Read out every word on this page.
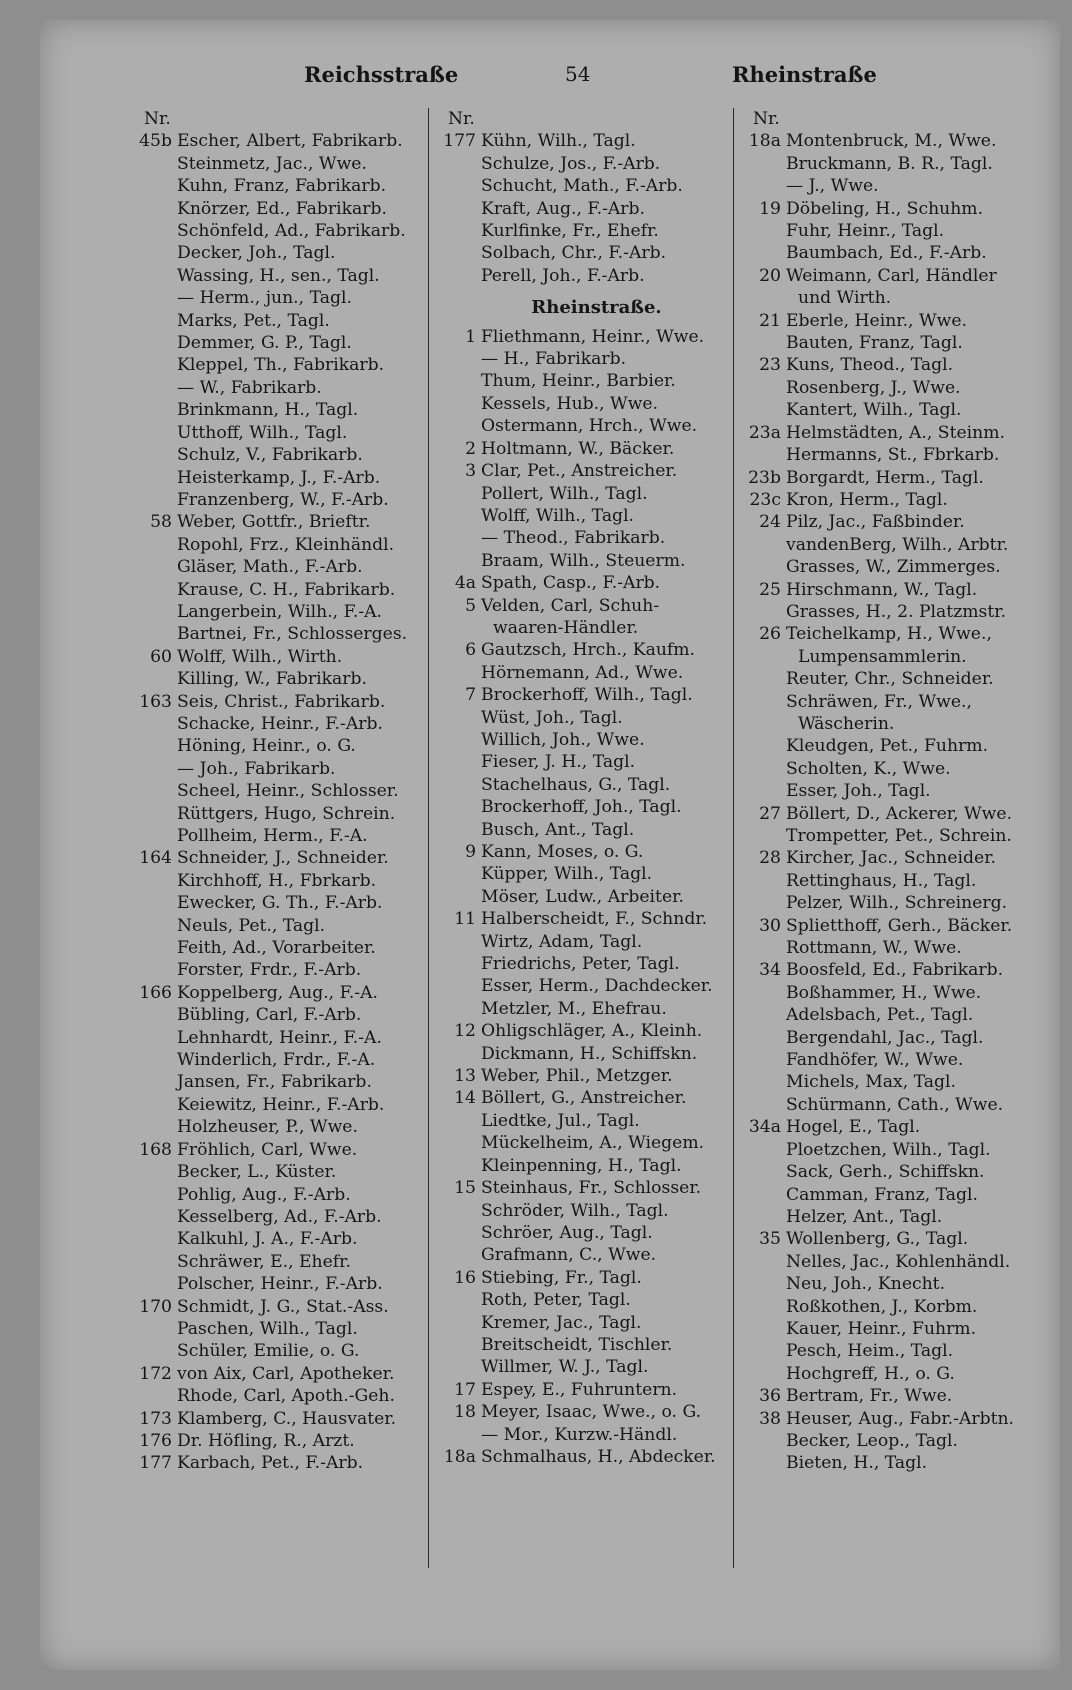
Reichsstraße	54	Rheinstraße
Nr.
45b Escher, Albert, Fabrikarb.
Steinmetz, Jac., Wwe.
Kuhn, Franz, Fabrikarb.
Knörzer, Ed., Fabrikarb.
Schönfeld, Ad., Fabrikarb.
Decker, Joh., Tagl.
Wassing, H., sen., Tagl.
— Herm., jun., Tagl.
Marks, Pet., Tagl.
Demmer, G. P., Tagl.
Kleppel, Th., Fabrikarb.
— W., Fabrikarb.
Brinkmann, H., Tagl.
Utthoff, Wilh., Tagl.
Schulz, V., Fabrikarb.
Heisterkamp, J., F.-Arb.
Franzenberg, W., F.-Arb.
58 Weber, Gottfr., Brieftr.
Ropohl, Frz., Kleinhändl.
Gläser, Math., F.-Arb.
Krause, C. H., Fabrikarb.
Langerbein, Wilh., F.-A.
Bartnei, Fr., Schlosserges.
60 Wolff, Wilh., Wirth.
Killing, W., Fabrikarb.
163 Seis, Christ., Fabrikarb.
Schacke, Heinr., F.-Arb.
Höning, Heinr., o. G.
— Joh., Fabrikarb.
Scheel, Heinr., Schlosser.
Rüttgers, Hugo, Schrein.
Pollheim, Herm., F.-A.
164 Schneider, J., Schneider.
Kirchhoff, H., Fbrkarb.
Ewecker, G. Th., F.-Arb.
Neuls, Pet., Tagl.
Feith, Ad., Vorarbeiter.
Forster, Frdr., F.-Arb.
166 Koppelberg, Aug., F.-A.
Bübling, Carl, F.-Arb.
Lehnhardt, Heinr., F.-A.
Winderlich, Frdr., F.-A.
Jansen, Fr., Fabrikarb.
Keiewitz, Heinr., F.-Arb.
Holzheuser, P., Wwe.
168 Fröhlich, Carl, Wwe.
Becker, L., Küster.
Pohlig, Aug., F.-Arb.
Kesselberg, Ad., F.-Arb.
Kalkuhl, J. A., F.-Arb.
Schräwer, E., Ehefr.
Polscher, Heinr., F.-Arb.
170 Schmidt, J. G., Stat.-Ass.
Paschen, Wilh., Tagl.
Schüler, Emilie, o. G.
172 von Aix, Carl, Apotheker.
Rhode, Carl, Apoth.-Geh.
173 Klamberg, C., Hausvater.
176 Dr. Höfling, R., Arzt.
177 Karbach, Pet., F.-Arb.
Nr.
177 Kühn, Wilh., Tagl.
Schulze, Jos., F.-Arb.
Schucht, Math., F.-Arb.
Kraft, Aug., F.-Arb.
Kurlfinke, Fr., Ehefr.
Solbach, Chr., F.-Arb.
Perell, Joh., F.-Arb.
Rheinstraße.
1 Fliethmann, Heinr., Wwe.
— H., Fabrikarb.
Thum, Heinr., Barbier.
Kessels, Hub., Wwe.
Ostermann, Hrch., Wwe.
2 Holtmann, W., Bäcker.
3 Clar, Pet., Anstreicher.
Pollert, Wilh., Tagl.
Wolff, Wilh., Tagl.
— Theod., Fabrikarb.
Braam, Wilh., Steuerm.
4a Spath, Casp., F.-Arb.
5 Velden, Carl, Schuh-
waaren-Händler.
6 Gautzsch, Hrch., Kaufm.
Hörnemann, Ad., Wwe.
7 Brockerhoff, Wilh., Tagl.
Wüst, Joh., Tagl.
Willich, Joh., Wwe.
Fieser, J. H., Tagl.
Stachelhaus, G., Tagl.
Brockerhoff, Joh., Tagl.
Busch, Ant., Tagl.
9 Kann, Moses, o. G.
Küpper, Wilh., Tagl.
Möser, Ludw., Arbeiter.
11 Halberscheidt, F., Schndr.
Wirtz, Adam, Tagl.
Friedrichs, Peter, Tagl.
Esser, Herm., Dachdecker.
Metzler, M., Ehefrau.
12 Ohligschläger, A., Kleinh.
Dickmann, H., Schiffskn.
13 Weber, Phil., Metzger.
14 Böllert, G., Anstreicher.
Liedtke, Jul., Tagl.
Mückelheim, A., Wiegem.
Kleinpenning, H., Tagl.
15 Steinhaus, Fr., Schlosser.
Schröder, Wilh., Tagl.
Schröer, Aug., Tagl.
Grafmann, C., Wwe.
16 Stiebing, Fr., Tagl.
Roth, Peter, Tagl.
Kremer, Jac., Tagl.
Breitscheidt, Tischler.
Willmer, W. J., Tagl.
17 Espey, E., Fuhruntern.
18 Meyer, Isaac, Wwe., o. G.
— Mor., Kurzw.-Händl.
18a Schmalhaus, H., Abdecker.
Nr.
18a Montenbruck, M., Wwe.
Bruckmann, B. R., Tagl.
— J., Wwe.
19 Döbeling, H., Schuhm.
Fuhr, Heinr., Tagl.
Baumbach, Ed., F.-Arb.
20 Weimann, Carl, Händler
und Wirth.
21 Eberle, Heinr., Wwe.
Bauten, Franz, Tagl.
23 Kuns, Theod., Tagl.
Rosenberg, J., Wwe.
Kantert, Wilh., Tagl.
23a Helmstädten, A., Steinm.
Hermanns, St., Fbrkarb.
23b Borgardt, Herm., Tagl.
23c Kron, Herm., Tagl.
24 Pilz, Jac., Faßbinder.
vandenBerg, Wilh., Arbtr.
Grasses, W., Zimmerges.
25 Hirschmann, W., Tagl.
Grasses, H., 2. Platzmstr.
26 Teichelkamp, H., Wwe.,
Lumpensammlerin.
Reuter, Chr., Schneider.
Schräwen, Fr., Wwe.,
Wäscherin.
Kleudgen, Pet., Fuhrm.
Scholten, K., Wwe.
Esser, Joh., Tagl.
27 Böllert, D., Ackerer, Wwe.
Trompetter, Pet., Schrein.
28 Kircher, Jac., Schneider.
Rettinghaus, H., Tagl.
Pelzer, Wilh., Schreinerg.
30 Splietthoff, Gerh., Bäcker.
Rottmann, W., Wwe.
34 Boosfeld, Ed., Fabrikarb.
Boßhammer, H., Wwe.
Adelsbach, Pet., Tagl.
Bergendahl, Jac., Tagl.
Fandhöfer, W., Wwe.
Michels, Max, Tagl.
Schürmann, Cath., Wwe.
34a Hogel, E., Tagl.
Ploetzchen, Wilh., Tagl.
Sack, Gerh., Schiffskn.
Camman, Franz, Tagl.
Helzer, Ant., Tagl.
35 Wollenberg, G., Tagl.
Nelles, Jac., Kohlenhändl.
Neu, Joh., Knecht.
Roßkothen, J., Korbm.
Kauer, Heinr., Fuhrm.
Pesch, Heim., Tagl.
Hochgreff, H., o. G.
36 Bertram, Fr., Wwe.
38 Heuser, Aug., Fabr.-Arbtn.
Becker, Leop., Tagl.
Bieten, H., Tagl.
